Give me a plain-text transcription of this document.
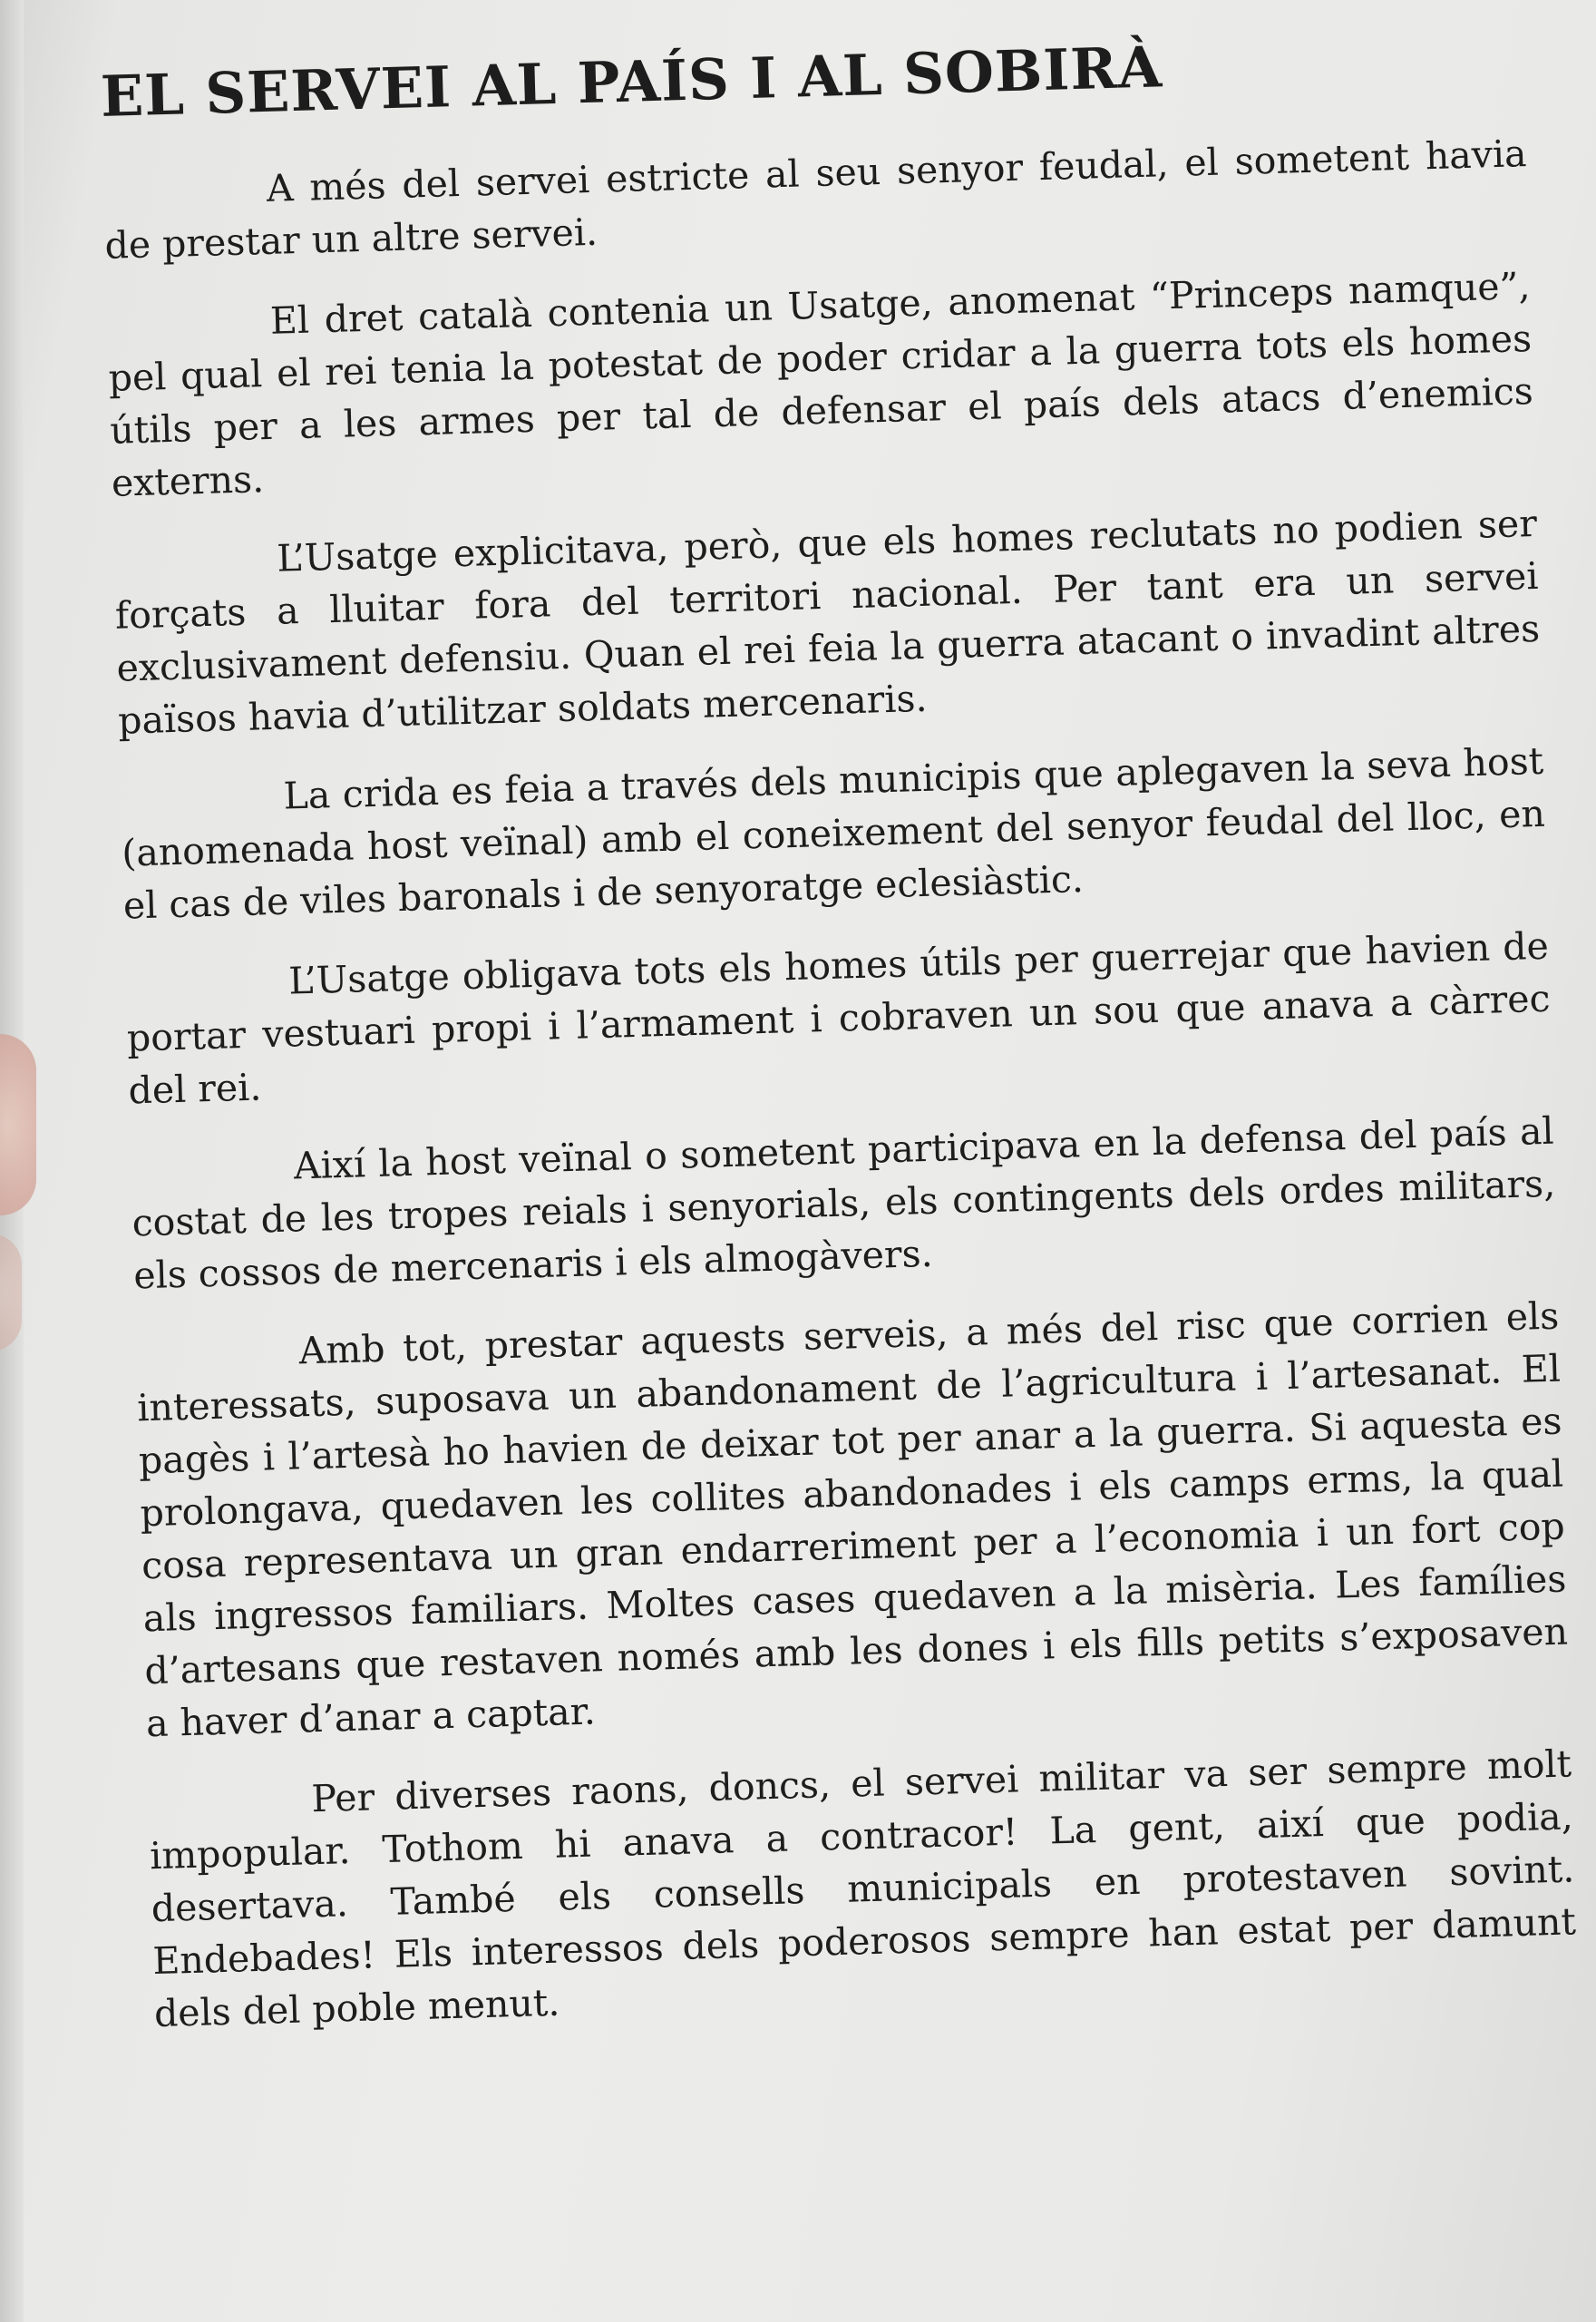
EL SERVEI AL PAÍS I AL SOBIRÀ

A més del servei estricte al seu senyor feudal, el sometent havia de prestar un altre servei.

El dret català contenia un Usatge, anomenat “Princeps namque”, pel qual el rei tenia la potestat de poder cridar a la guerra tots els homes útils per a les armes per tal de defensar el país dels atacs d’enemics externs.

L’Usatge explicitava, però, que els homes reclutats no podien ser forçats a lluitar fora del territori nacional. Per tant era un servei exclusivament defensiu. Quan el rei feia la guerra atacant o invadint altres països havia d’utilitzar soldats mercenaris.

La crida es feia a través dels municipis que aplegaven la seva host (anomenada host veïnal) amb el coneixement del senyor feudal del lloc, en el cas de viles baronals i de senyoratge eclesiàstic.

L’Usatge obligava tots els homes útils per guerrejar que havien de portar vestuari propi i l’armament i cobraven un sou que anava a càrrec del rei.

Així la host veïnal o sometent participava en la defensa del país al costat de les tropes reials i senyorials, els contingents dels ordes militars, els cossos de mercenaris i els almogàvers.

Amb tot, prestar aquests serveis, a més del risc que corrien els interessats, suposava un abandonament de l’agricultura i l’artesanat. El pagès i l’artesà ho havien de deixar tot per anar a la guerra. Si aquesta es prolongava, quedaven les collites abandonades i els camps erms, la qual cosa representava un gran endarreriment per a l’economia i un fort cop als ingressos familiars. Moltes cases quedaven a la misèria. Les famílies d’artesans que restaven només amb les dones i els fills petits s’exposaven a haver d’anar a captar.

Per diverses raons, doncs, el servei militar va ser sempre molt impopular. Tothom hi anava a contracor! La gent, així que podia, desertava. També els consells municipals en protestaven sovint. Endebades! Els interessos dels poderosos sempre han estat per damunt dels del poble menut.
